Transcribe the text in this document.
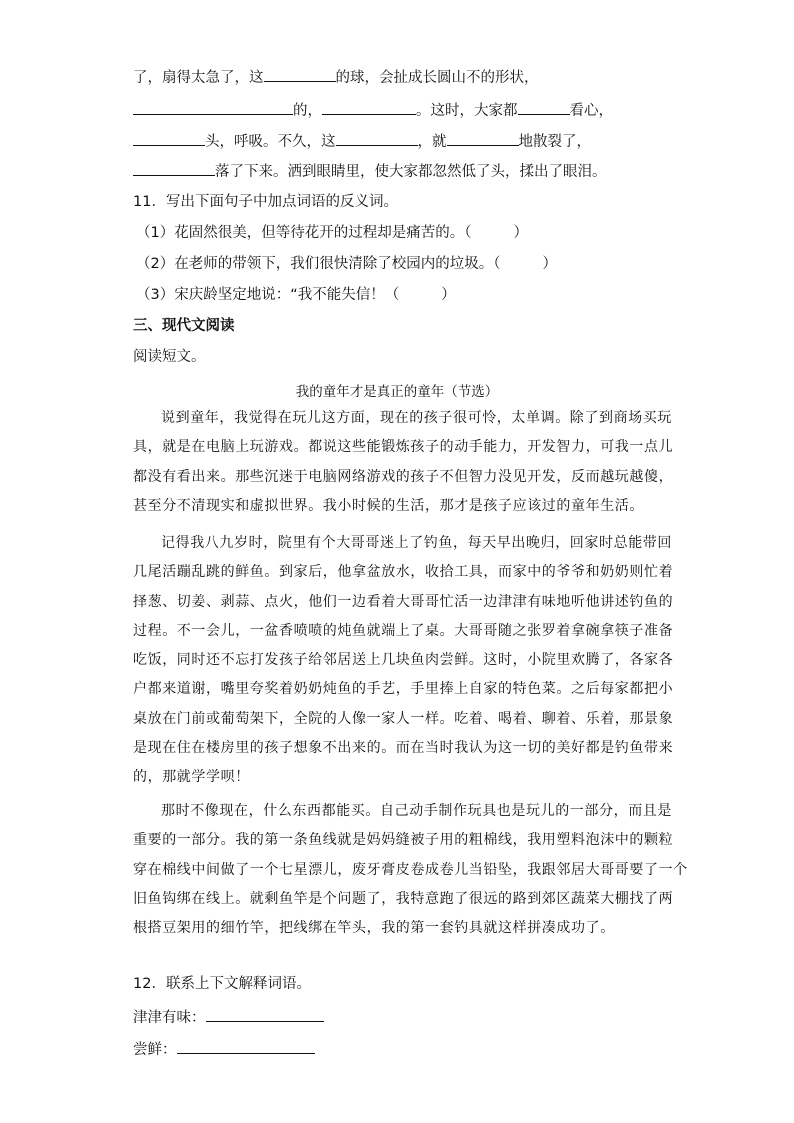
了，扇得太急了，这	的球，会扯成长圆山不的形状，
的，	。这时，大家都	看心，
头，呼吸。不久，这	，就	地散裂了，
落了下来。洒到眼睛里，使大家都忽然低了头，揉出了眼泪。
11．写出下面句子中加点词语的反义词。
（1）花固然很美，但等待花开的过程却是痛苦的。（	）
（2）在老师的带领下，我们很快清除了校园内的垃圾。（	）
（3）宋庆龄坚定地说：“我不能失信！（	）
三、现代文阅读
阅读短文。
我的童年才是真正的童年（节选）
说到童年，我觉得在玩儿这方面，现在的孩子很可怜，太单调。除了到商场买玩
具，就是在电脑上玩游戏。都说这些能锻炼孩子的动手能力，开发智力，可我一点儿
都没有看出来。那些沉迷于电脑网络游戏的孩子不但智力没见开发，反而越玩越傻，
甚至分不清现实和虚拟世界。我小时候的生活，那才是孩子应该过的童年生活。
记得我八九岁时，院里有个大哥哥迷上了钓鱼，每天早出晚归，回家时总能带回
几尾活蹦乱跳的鲜鱼。到家后，他拿盆放水，收拾工具，而家中的爷爷和奶奶则忙着
择葱、切姜、剥蒜、点火，他们一边看着大哥哥忙活一边津津有味地听他讲述钓鱼的
过程。不一会儿，一盆香喷喷的炖鱼就端上了桌。大哥哥随之张罗着拿碗拿筷子准备
吃饭，同时还不忘打发孩子给邻居送上几块鱼肉尝鲜。这时，小院里欢腾了，各家各
户都来道谢，嘴里夸奖着奶奶炖鱼的手艺，手里捧上自家的特色菜。之后每家都把小
桌放在门前或葡萄架下，全院的人像一家人一样。吃着、喝着、聊着、乐着，那景象
是现在住在楼房里的孩子想象不出来的。而在当时我认为这一切的美好都是钓鱼带来
的，那就学学呗！
那时不像现在，什么东西都能买。自己动手制作玩具也是玩儿的一部分，而且是
重要的一部分。我的第一条鱼线就是妈妈缝被子用的粗棉线，我用塑料泡沫中的颗粒
穿在棉线中间做了一个七星漂儿，废牙膏皮卷成卷儿当铅坠，我跟邻居大哥哥要了一个
旧鱼钩绑在线上。就剩鱼竿是个问题了，我特意跑了很远的路到郊区蔬菜大棚找了两
根搭豆架用的细竹竿，把线绑在竿头，我的第一套钓具就这样拼凑成功了。
12．联系上下文解释词语。
津津有味：
尝鲜：
